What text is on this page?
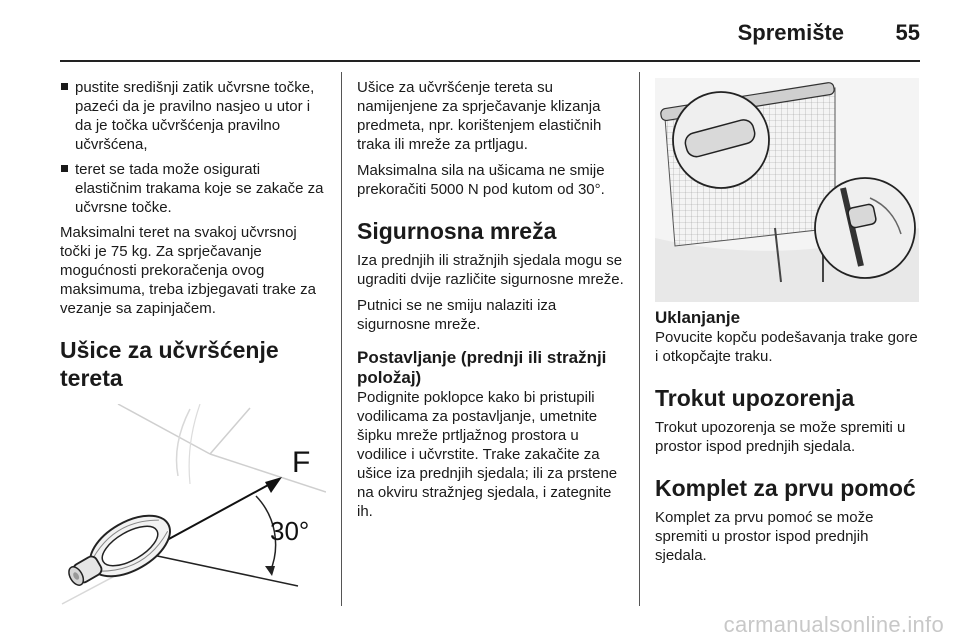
Spremište 55
pustite središnji zatik učvrsne točke, pazeći da je pravilno nasjeo u utor i da je točka učvršćenja pravilno učvršćena,
teret se tada može osigurati elastičnim trakama koje se zakače za učvrsne točke.

Maksimalni teret na svakoj učvrsnoj točki je 75 kg. Za sprječavanje mogućnosti prekoračenja ovog maksimuma, treba izbjegavati trake za vezanje sa zapinjačem.

Ušice za učvršćenje tereta
F
30°

Ušice za učvršćenje tereta su namijenjene za sprječavanje klizanja predmeta, npr. korištenjem elastičnih traka ili mreže za prtljagu.

Maksimalna sila na ušicama ne smije prekoračiti 5000 N pod kutom od 30°.

Sigurnosna mreža

Iza prednjih ili stražnjih sjedala mogu se ugraditi dvije različite sigurnosne mreže.

Putnici se ne smiju nalaziti iza sigurnosne mreže.

Postavljanje (prednji ili stražnji položaj)

Podignite poklopce kako bi pristupili vodilicama za postavljanje, umetnite šipku mreže prtljažnog prostora u vodilice i učvrstite. Trake zakačite za ušice iza prednjih sjedala; ili za prstene na okviru stražnjeg sjedala, i zategnite ih.

Uklanjanje

Povucite kopču podešavanja trake gore i otkopčajte traku.

Trokut upozorenja

Trokut upozorenja se može spremiti u prostor ispod prednjih sjedala.

Komplet za prvu pomoć

Komplet za prvu pomoć se može spremiti u prostor ispod prednjih sjedala.

carmanualsonline.info
